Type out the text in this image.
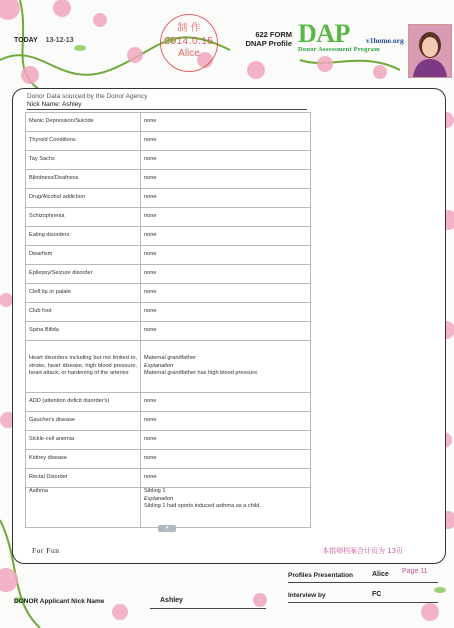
TODAY 13-12-13
制 作
2014.0.15
Alice
622 FORM
DNAP Profile DAP	v1home.org
Donor Assessment Program
Donor Data sourced by the Donor Agency
Nick Name: Ashley
Manic Depression/Suicide	none
Thyroid Conditions	none
Tay Sachs	none
Blindness/Deafness	none
Drug/Alcohol addiction	none
Schizophrenia	none
Eating disorders	none
Dwarfism	none
Epilepsy/Seizure disorder	none
Cleft lip or palate	none
Club foot	none
Spina Bifida	none
Heart disorders including but not limited to, stroke, heart disease, high blood pressure, heart attack, or hardening of the arteries	Maternal grandfather
Explanation
Maternal grandfather has high blood pressure.

ADD (attention deficit disorder's)	none
Gaucher's disease	none
Sickle-cell anemia	none
Kidney disease	none
Rectal Disorder	none
Asthma	Sibling 1
Explanation
Sibling 1 had sports induced asthma as a child.
▾
For Fun	本捐卵档案合计页为 13页
Page 11
Profiles Presentation	Alice
Interview by	FC
DONOR Applicant Nick Name	Ashley
